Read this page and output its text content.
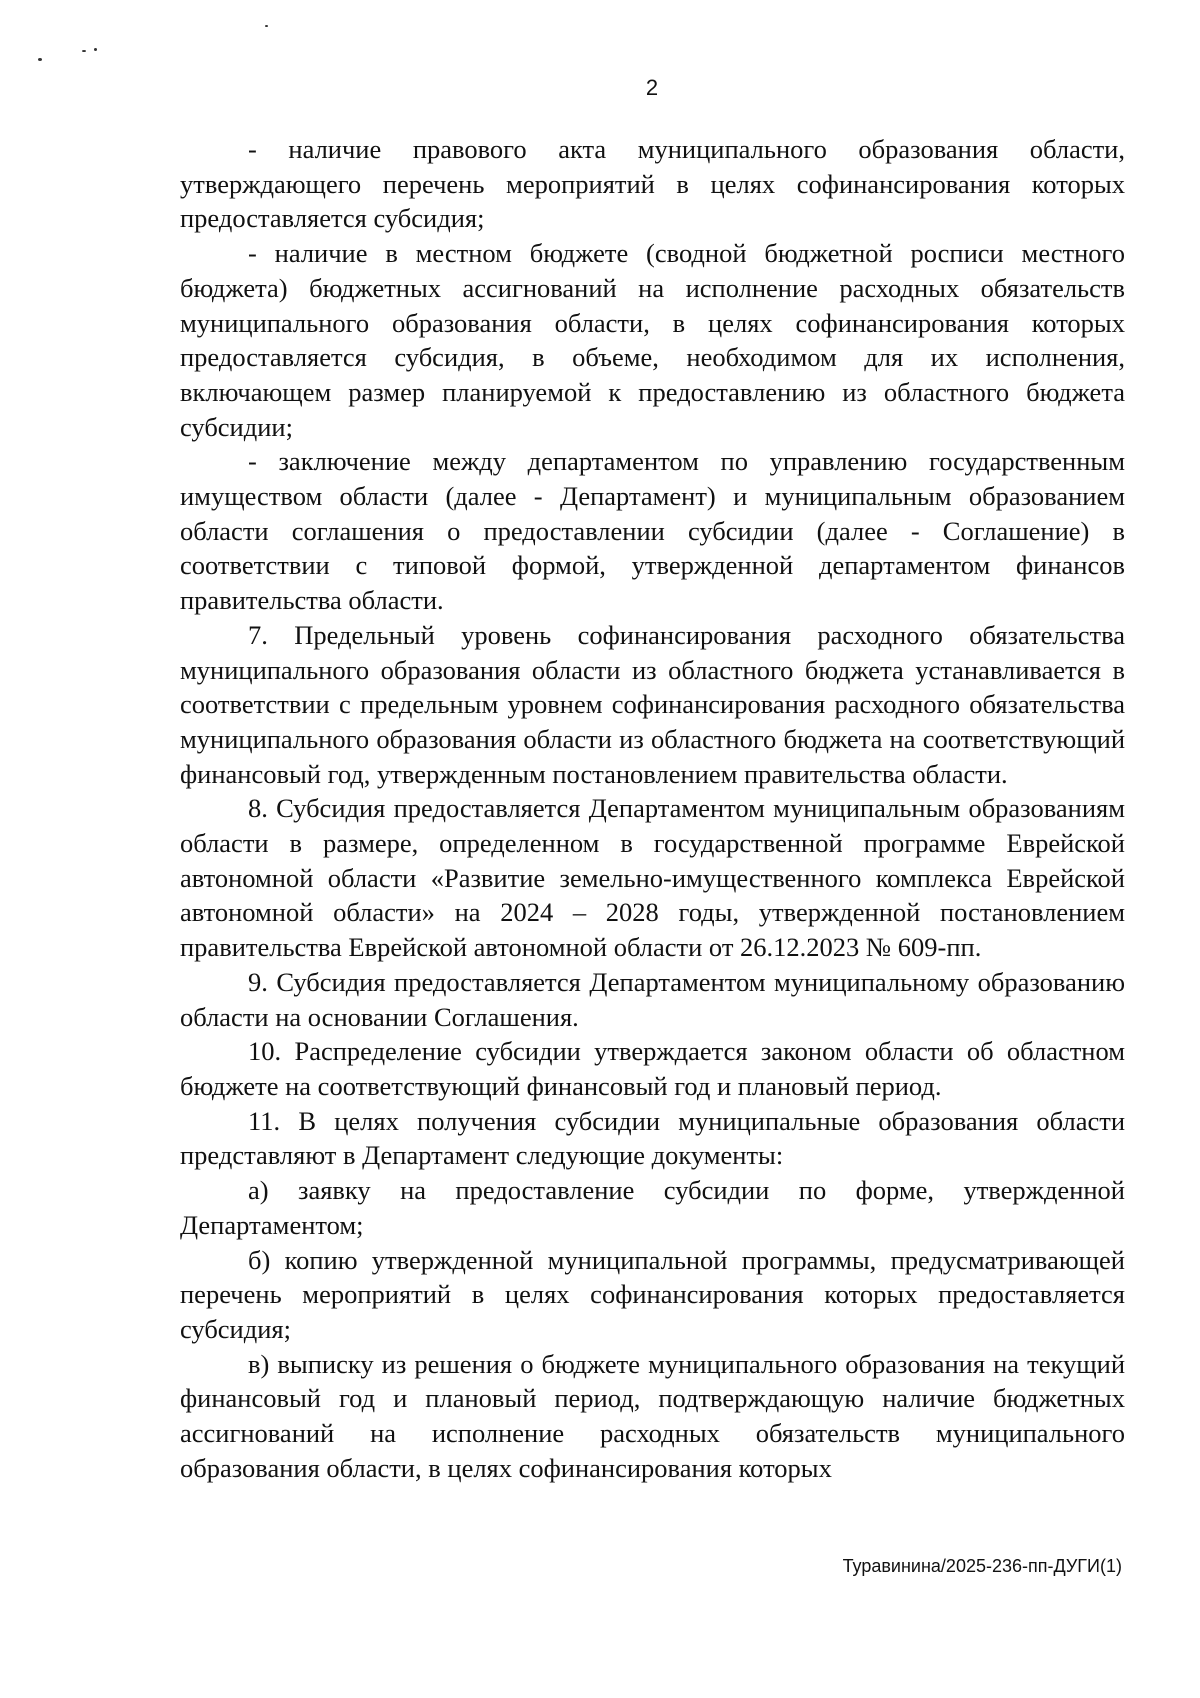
2

- наличие правового акта муниципального образования области, утверждающего перечень мероприятий в целях софинансирования которых предоставляется субсидия;

- наличие в местном бюджете (сводной бюджетной росписи местного бюджета) бюджетных ассигнований на исполнение расходных обязательств муниципального образования области, в целях софинансирования которых предоставляется субсидия, в объеме, необходимом для их исполнения, включающем размер планируемой к предоставлению из областного бюджета субсидии;

- заключение между департаментом по управлению государственным имуществом области (далее - Департамент) и муниципальным образованием области соглашения о предоставлении субсидии (далее - Соглашение) в соответствии с типовой формой, утвержденной департаментом финансов правительства области.

7. Предельный уровень софинансирования расходного обязательства муниципального образования области из областного бюджета устанавливается в соответствии с предельным уровнем софинансирования расходного обязательства муниципального образования области из областного бюджета на соответствующий финансовый год, утвержденным постановлением правительства области.

8. Субсидия предоставляется Департаментом муниципальным образованиям области в размере, определенном в государственной программе Еврейской автономной области «Развитие земельно-имущественного комплекса Еврейской автономной области» на 2024 – 2028 годы, утвержденной постановлением правительства Еврейской автономной области от 26.12.2023 № 609-пп.

9. Субсидия предоставляется Департаментом муниципальному образованию области на основании Соглашения.

10. Распределение субсидии утверждается законом области об областном бюджете на соответствующий финансовый год и плановый период.

11. В целях получения субсидии муниципальные образования области представляют в Департамент следующие документы:

а) заявку на предоставление субсидии по форме, утвержденной Департаментом;

б) копию утвержденной муниципальной программы, предусматривающей перечень мероприятий в целях софинансирования которых предоставляется субсидия;

в) выписку из решения о бюджете муниципального образования на текущий финансовый год и плановый период, подтверждающую наличие бюджетных ассигнований на исполнение расходных обязательств муниципального образования области, в целях софинансирования которых

Туравинина/2025-236-пп-ДУГИ(1)
